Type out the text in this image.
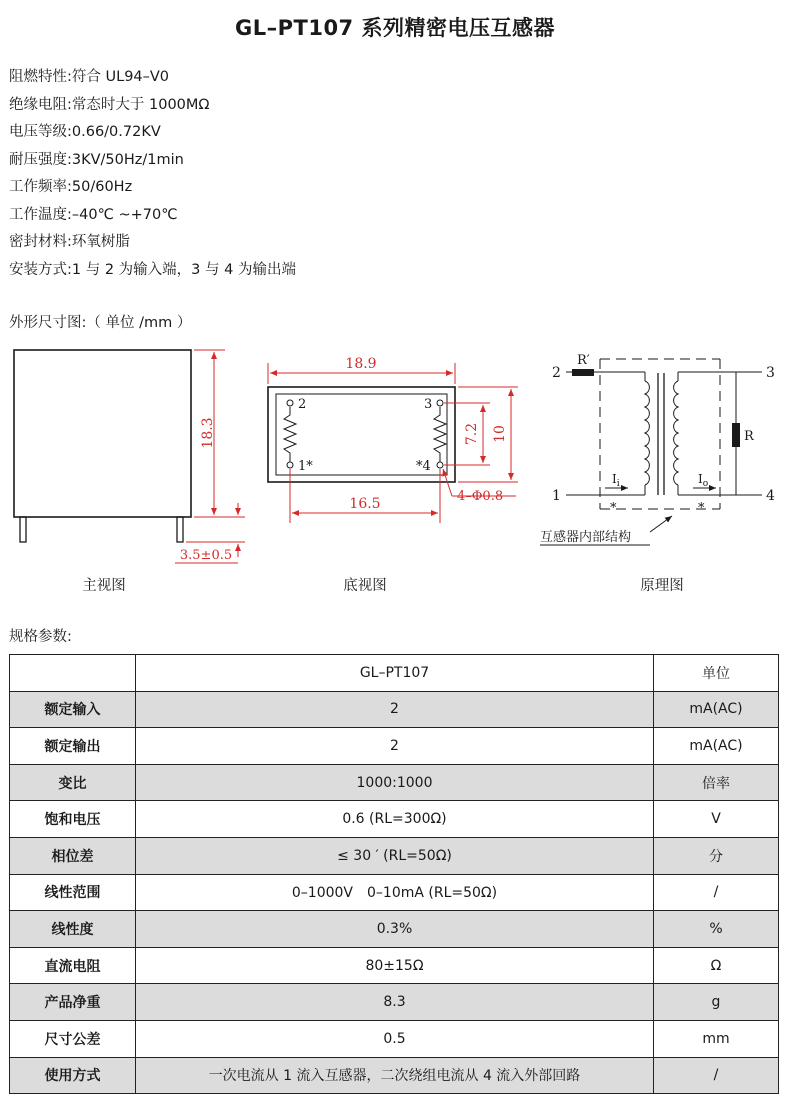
GL–PT107 系列精密电压互感器
阻燃特性:符合 UL94–V0
绝缘电阻:常态时大于 1000MΩ
电压等级:0.66/0.72KV
耐压强度:3KV/50Hz/1min
工作频率:50/60Hz
工作温度:–40℃ ~+70℃
密封材料:环氧树脂
安装方式:1 与 2 为输入端，3 与 4 为输出端
外形尺寸图:（ 单位 /mm ）
18.3
3.5±0.5
2	3
1*	*4
18.9
16.5
7.2 10
4–Φ0.8
2	3
1	4
R′
R
$I_i$	$I_o$
*	*
互感器内部结构
主视图	底视图	原理图
规格参数:
	GL–PT107	单位
额定输入	2	mA(AC)
额定输出	2	mA(AC)
变比	1000:1000	倍率
饱和电压	0.6 (RL=300Ω)	V
相位差	≤ 30 ′ (RL=50Ω)	分
线性范围	0–1000V　0–10mA (RL=50Ω)	/
线性度	0.3%	%
直流电阻	80±15Ω	Ω
产品净重	8.3	g
尺寸公差	0.5	mm
使用方式	一次电流从 1 流入互感器，二次绕组电流从 4 流入外部回路	/
